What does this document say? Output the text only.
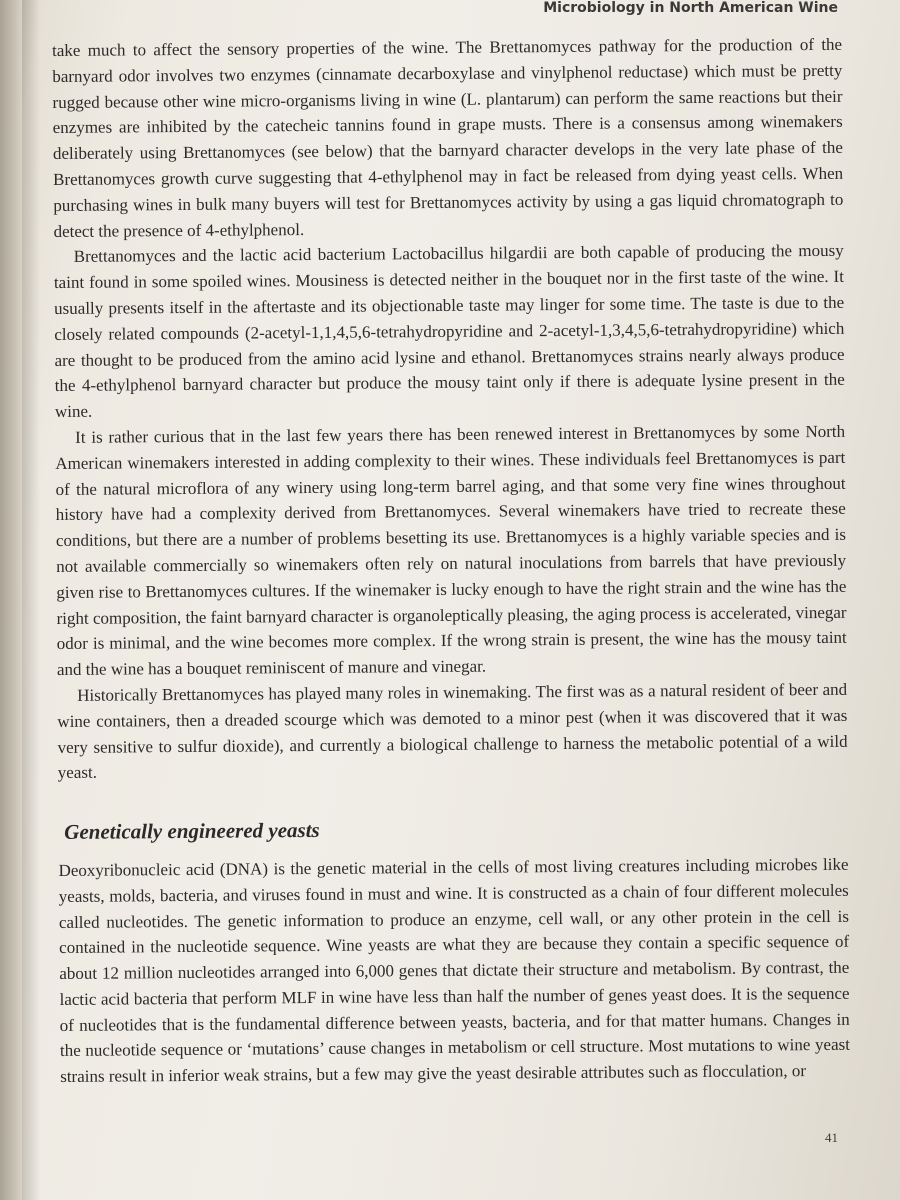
Microbiology in North American Wine

take much to affect the sensory properties of the wine. The Brettanomyces pathway for the production of the barnyard odor involves two enzymes (cinnamate decarboxylase and vinylphenol reductase) which must be pretty rugged because other wine micro-organisms living in wine (L. plantarum) can perform the same reactions but their enzymes are inhibited by the catecheic tannins found in grape musts. There is a consensus among winemakers deliberately using Brettanomyces (see below) that the barnyard character develops in the very late phase of the Brettanomyces growth curve suggesting that 4-ethylphenol may in fact be released from dying yeast cells. When purchasing wines in bulk many buyers will test for Brettanomyces activity by using a gas liquid chromatograph to detect the presence of 4-ethylphenol.

Brettanomyces and the lactic acid bacterium Lactobacillus hilgardii are both capable of producing the mousy taint found in some spoiled wines. Mousiness is detected neither in the bouquet nor in the first taste of the wine. It usually presents itself in the aftertaste and its objectionable taste may linger for some time. The taste is due to the closely related compounds (2-acetyl-1,1,4,5,6-tetrahydropyridine and 2-acetyl-1,3,4,5,6-tetrahydropyridine) which are thought to be produced from the amino acid lysine and ethanol. Brettanomyces strains nearly always produce the 4-ethylphenol barnyard character but produce the mousy taint only if there is adequate lysine present in the wine.

It is rather curious that in the last few years there has been renewed interest in Brettanomyces by some North American winemakers interested in adding complexity to their wines. These individuals feel Brettanomyces is part of the natural microflora of any winery using long-term barrel aging, and that some very fine wines throughout history have had a complexity derived from Brettanomyces. Several winemakers have tried to recreate these conditions, but there are a number of problems besetting its use. Brettanomyces is a highly variable species and is not available commercially so winemakers often rely on natural inoculations from barrels that have previously given rise to Brettanomyces cultures. If the winemaker is lucky enough to have the right strain and the wine has the right composition, the faint barnyard character is organoleptically pleasing, the aging process is accelerated, vinegar odor is minimal, and the wine becomes more complex. If the wrong strain is present, the wine has the mousy taint and the wine has a bouquet reminiscent of manure and vinegar.

Historically Brettanomyces has played many roles in winemaking. The first was as a natural resident of beer and wine containers, then a dreaded scourge which was demoted to a minor pest (when it was discovered that it was very sensitive to sulfur dioxide), and currently a biological challenge to harness the metabolic potential of a wild yeast.

Genetically engineered yeasts

Deoxyribonucleic acid (DNA) is the genetic material in the cells of most living creatures including microbes like yeasts, molds, bacteria, and viruses found in must and wine. It is constructed as a chain of four different molecules called nucleotides. The genetic information to produce an enzyme, cell wall, or any other protein in the cell is contained in the nucleotide sequence. Wine yeasts are what they are because they contain a specific sequence of about 12 million nucleotides arranged into 6,000 genes that dictate their structure and metabolism. By contrast, the lactic acid bacteria that perform MLF in wine have less than half the number of genes yeast does. It is the sequence of nucleotides that is the fundamental difference between yeasts, bacteria, and for that matter humans. Changes in the nucleotide sequence or ‘mutations’ cause changes in metabolism or cell structure. Most mutations to wine yeast strains result in inferior weak strains, but a few may give the yeast desirable attributes such as flocculation, or

41
